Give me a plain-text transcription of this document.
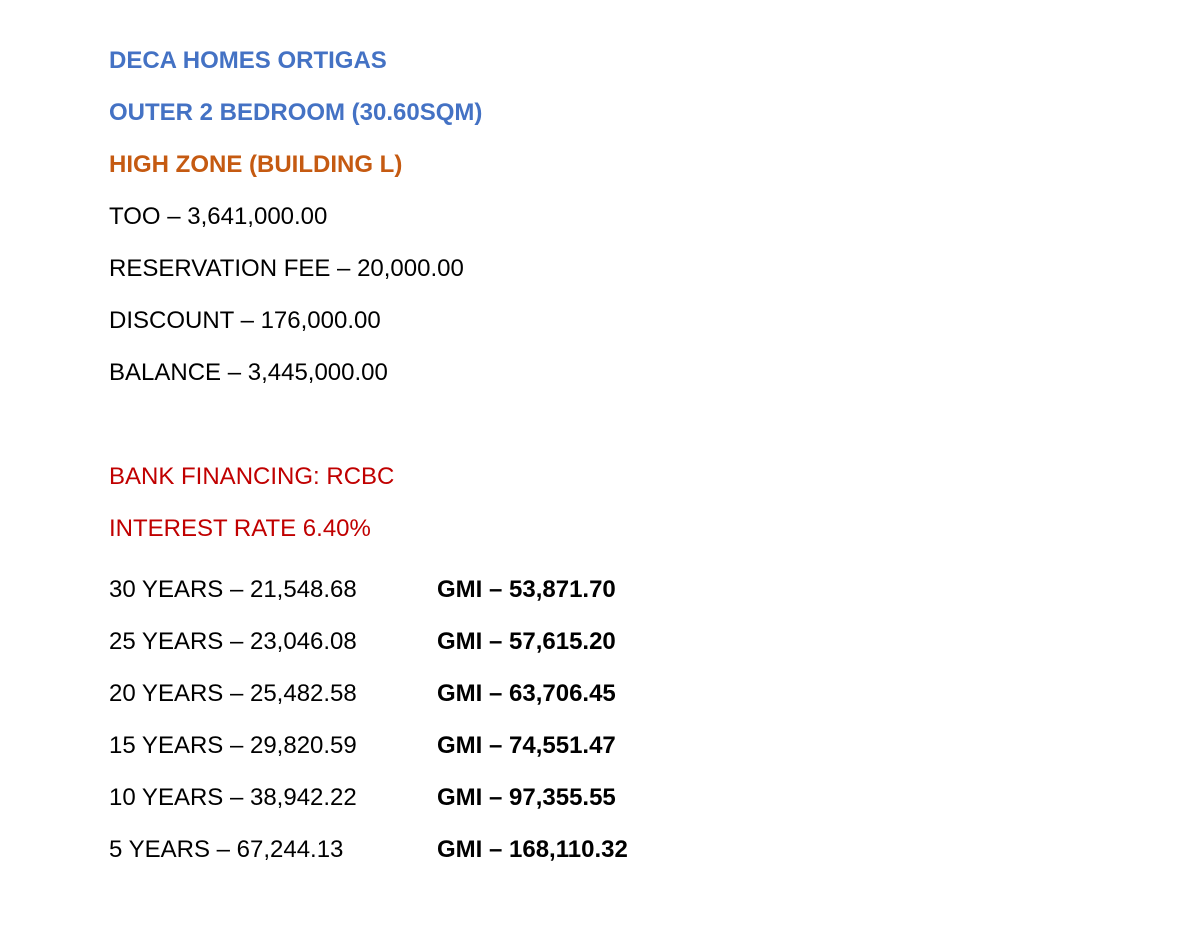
DECA HOMES ORTIGAS
OUTER 2 BEDROOM (30.60SQM)
HIGH ZONE (BUILDING L)
TOO – 3,641,000.00
RESERVATION FEE – 20,000.00
DISCOUNT – 176,000.00
BALANCE – 3,445,000.00
BANK FINANCING: RCBC
INTEREST RATE 6.40%
30 YEARS – 21,548.68	GMI – 53,871.70
25 YEARS – 23,046.08	GMI – 57,615.20
20 YEARS – 25,482.58	GMI – 63,706.45
15 YEARS – 29,820.59	GMI – 74,551.47
10 YEARS – 38,942.22	GMI – 97,355.55
5 YEARS – 67,244.13	GMI – 168,110.32
